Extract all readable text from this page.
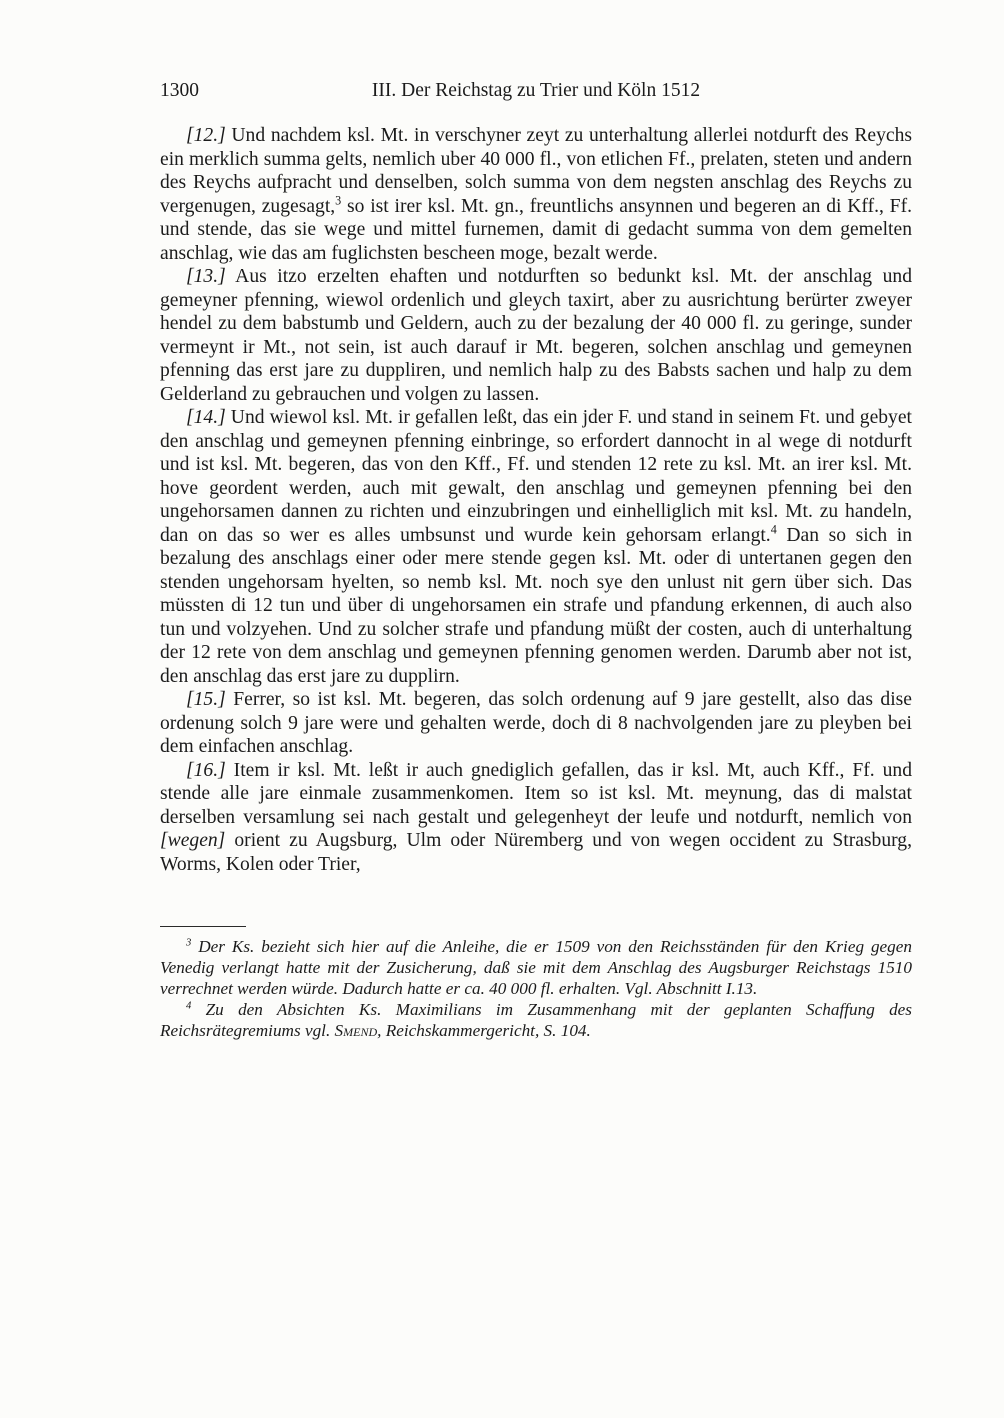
1300	III. Der Reichstag zu Trier und Köln 1512

[12.] Und nachdem ksl. Mt. in verschyner zeyt zu unterhaltung allerlei notdurft des Reychs ein merklich summa gelts, nemlich uber 40 000 fl., von etlichen Ff., prelaten, steten und andern des Reychs aufpracht und denselben, solch summa von dem negsten anschlag des Reychs zu vergenugen, zugesagt,$^3$ so ist irer ksl. Mt. gn., freuntlichs ansynnen und begeren an di Kff., Ff. und stende, das sie wege und mittel furnemen, damit di gedacht summa von dem gemelten anschlag, wie das am fuglichsten bescheen moge, bezalt werde.

[13.] Aus itzo erzelten ehaften und notdurften so bedunkt ksl. Mt. der anschlag und gemeyner pfenning, wiewol ordenlich und gleych taxirt, aber zu ausrichtung berürter zweyer hendel zu dem babstumb und Geldern, auch zu der bezalung der 40 000 fl. zu geringe, sunder vermeynt ir Mt., not sein, ist auch darauf ir Mt. begeren, solchen anschlag und gemeynen pfenning das erst jare zu duppliren, und nemlich halp zu des Babsts sachen und halp zu dem Gelderland zu gebrauchen und volgen zu lassen.

[14.] Und wiewol ksl. Mt. ir gefallen leßt, das ein jder F. und stand in seinem Ft. und gebyet den anschlag und gemeynen pfenning einbringe, so erfordert dannocht in al wege di notdurft und ist ksl. Mt. begeren, das von den Kff., Ff. und stenden 12 rete zu ksl. Mt. an irer ksl. Mt. hove geordent werden, auch mit gewalt, den anschlag und gemeynen pfenning bei den ungehorsamen dannen zu richten und einzubringen und einhelliglich mit ksl. Mt. zu handeln, dan on das so wer es alles umbsunst und wurde kein gehorsam erlangt.$^4$ Dan so sich in bezalung des anschlags einer oder mere stende gegen ksl. Mt. oder di untertanen gegen den stenden ungehorsam hyelten, so nemb ksl. Mt. noch sye den unlust nit gern über sich. Das müssten di 12 tun und über di ungehorsamen ein strafe und pfandung erkennen, di auch also tun und volzyehen. Und zu solcher strafe und pfandung müßt der costen, auch di unterhaltung der 12 rete von dem anschlag und gemeynen pfenning genomen werden. Darumb aber not ist, den anschlag das erst jare zu dupplirn.

[15.] Ferrer, so ist ksl. Mt. begeren, das solch ordenung auf 9 jare gestellt, also das dise ordenung solch 9 jare were und gehalten werde, doch di 8 nachvolgenden jare zu pleyben bei dem einfachen anschlag.

[16.] Item ir ksl. Mt. leßt ir auch gnediglich gefallen, das ir ksl. Mt, auch Kff., Ff. und stende alle jare einmale zusammenkomen. Item so ist ksl. Mt. meynung, das di malstat derselben versamlung sei nach gestalt und gelegenheyt der leufe und notdurft, nemlich von [wegen] orient zu Augsburg, Ulm oder Nüremberg und von wegen occident zu Strasburg, Worms, Kolen oder Trier,

$^3$ Der Ks. bezieht sich hier auf die Anleihe, die er 1509 von den Reichsständen für den Krieg gegen Venedig verlangt hatte mit der Zusicherung, daß sie mit dem Anschlag des Augsburger Reichstags 1510 verrechnet werden würde. Dadurch hatte er ca. 40 000 fl. erhalten. Vgl. Abschnitt I.13.

$^4$ Zu den Absichten Ks. Maximilians im Zusammenhang mit der geplanten Schaffung des Reichsrätegremiums vgl. Smend, Reichskammergericht, S. 104.
